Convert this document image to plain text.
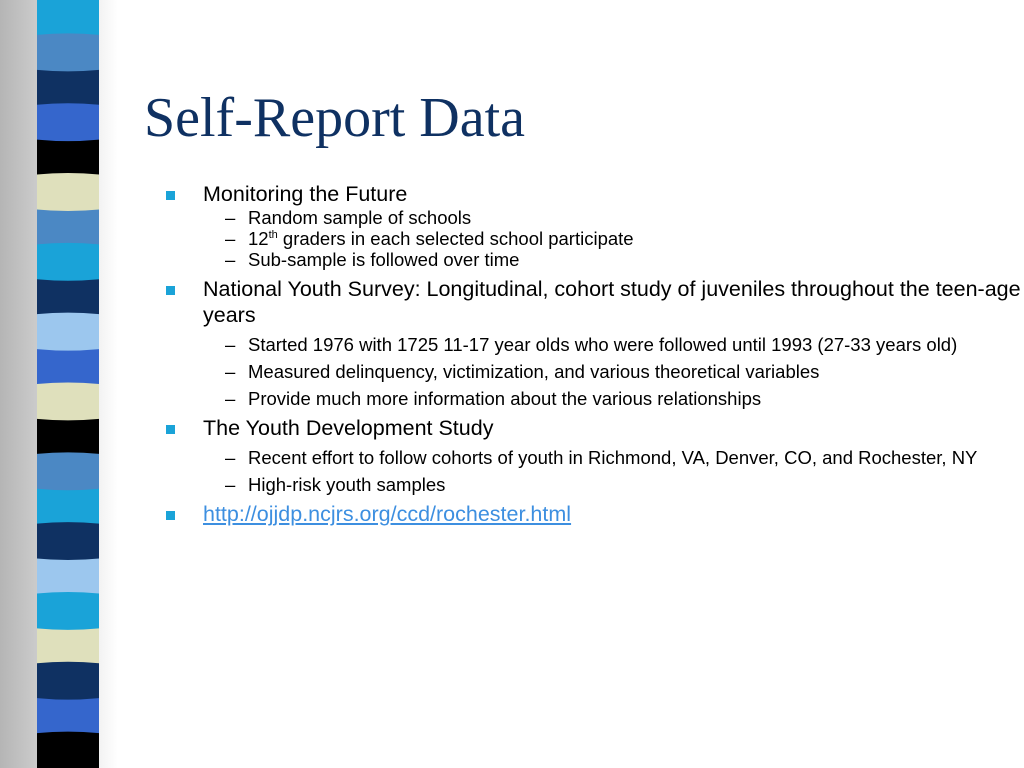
Self-Report Data
Monitoring the Future
– Random sample of schools
– 12th graders in each selected school participate
– Sub-sample is followed over time
National Youth Survey: Longitudinal, cohort study of juveniles throughout the teen-age years
– Started 1976 with 1725 11-17 year olds who were followed until 1993 (27-33 years old)
– Measured delinquency, victimization, and various theoretical variables
– Provide much more information about the various relationships
The Youth Development Study
– Recent effort to follow cohorts of youth in Richmond, VA, Denver, CO, and Rochester, NY
– High-risk youth samples
http://ojjdp.ncjrs.org/ccd/rochester.html
